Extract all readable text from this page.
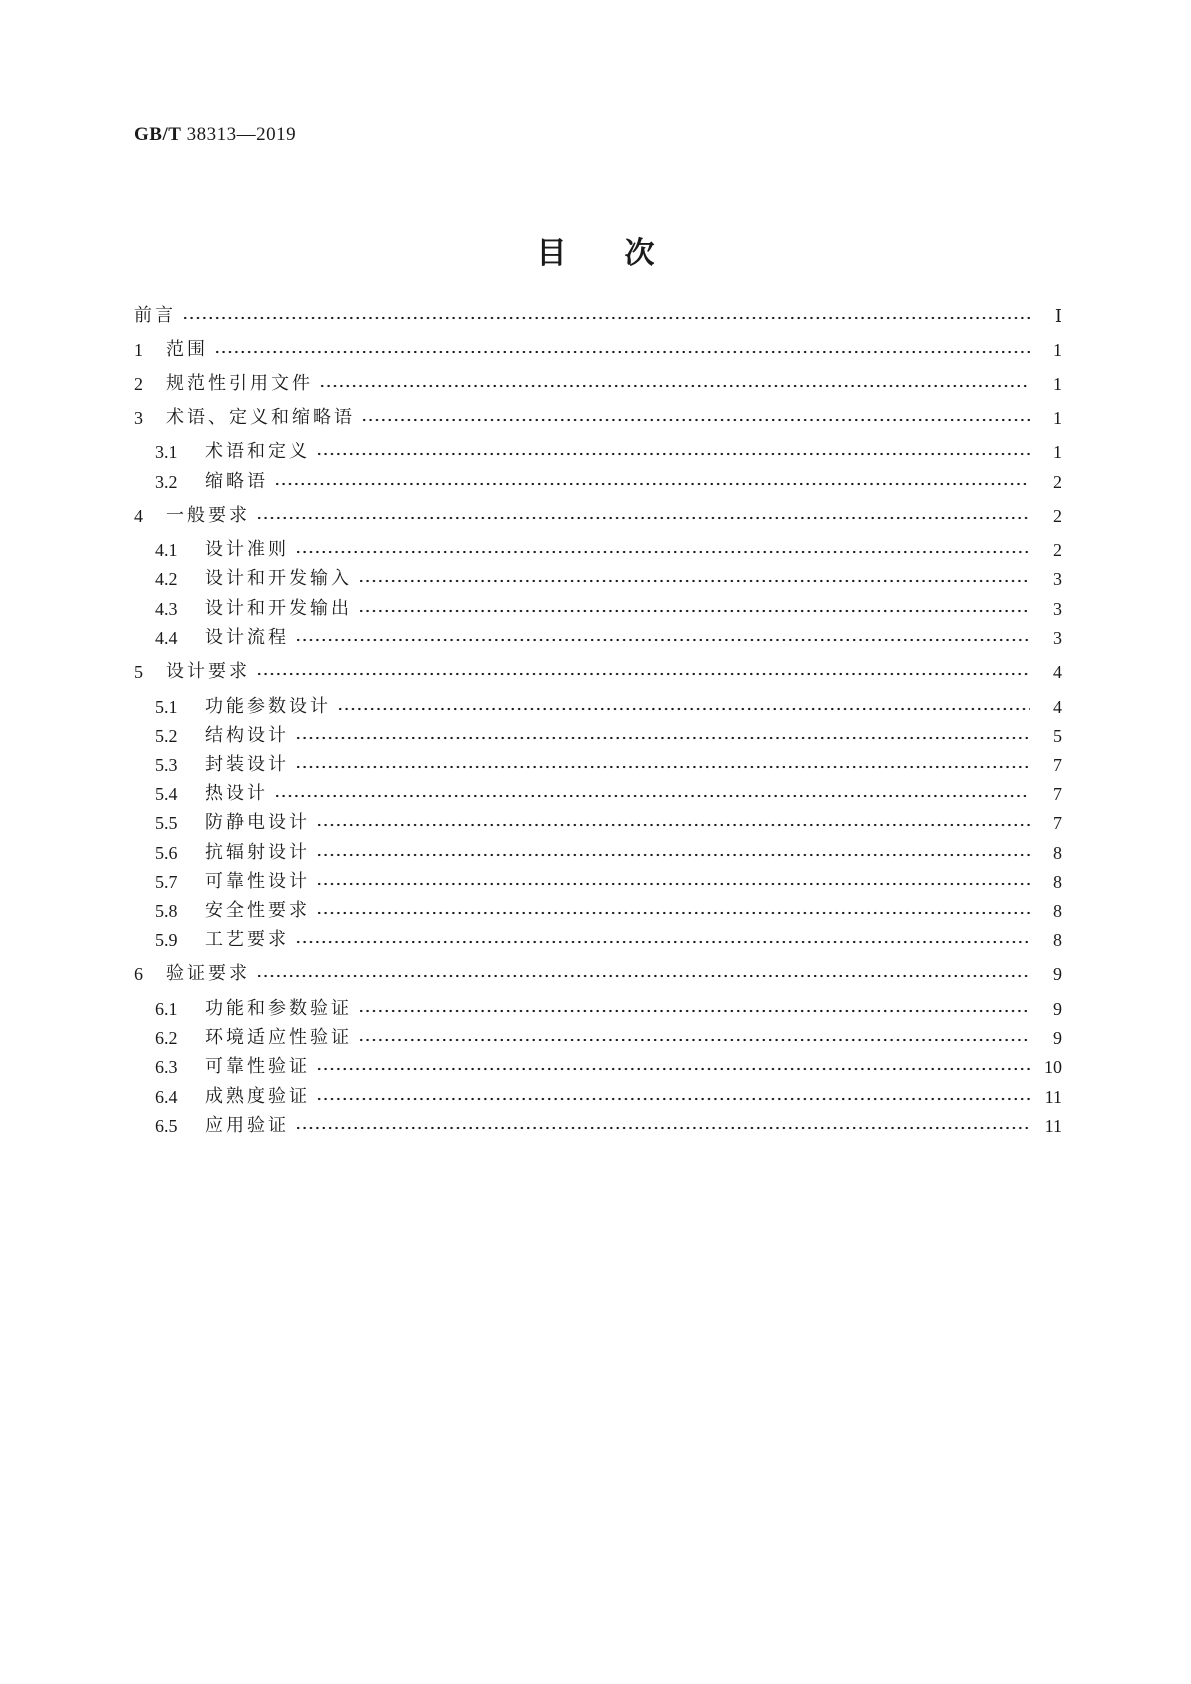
GB/T 38313—2019
目次
前言	Ⅰ
1	范围	1
2	规范性引用文件	1
3	术语、定义和缩略语	1
3.1	术语和定义	1
3.2	缩略语	2
4	一般要求	2
4.1	设计准则	2
4.2	设计和开发输入	3
4.3	设计和开发输出	3
4.4	设计流程	3
5	设计要求	4
5.1	功能参数设计	4
5.2	结构设计	5
5.3	封装设计	7
5.4	热设计	7
5.5	防静电设计	7
5.6	抗辐射设计	8
5.7	可靠性设计	8
5.8	安全性要求	8
5.9	工艺要求	8
6	验证要求	9
6.1	功能和参数验证	9
6.2	环境适应性验证	9
6.3	可靠性验证	10
6.4	成熟度验证	11
6.5	应用验证	11
